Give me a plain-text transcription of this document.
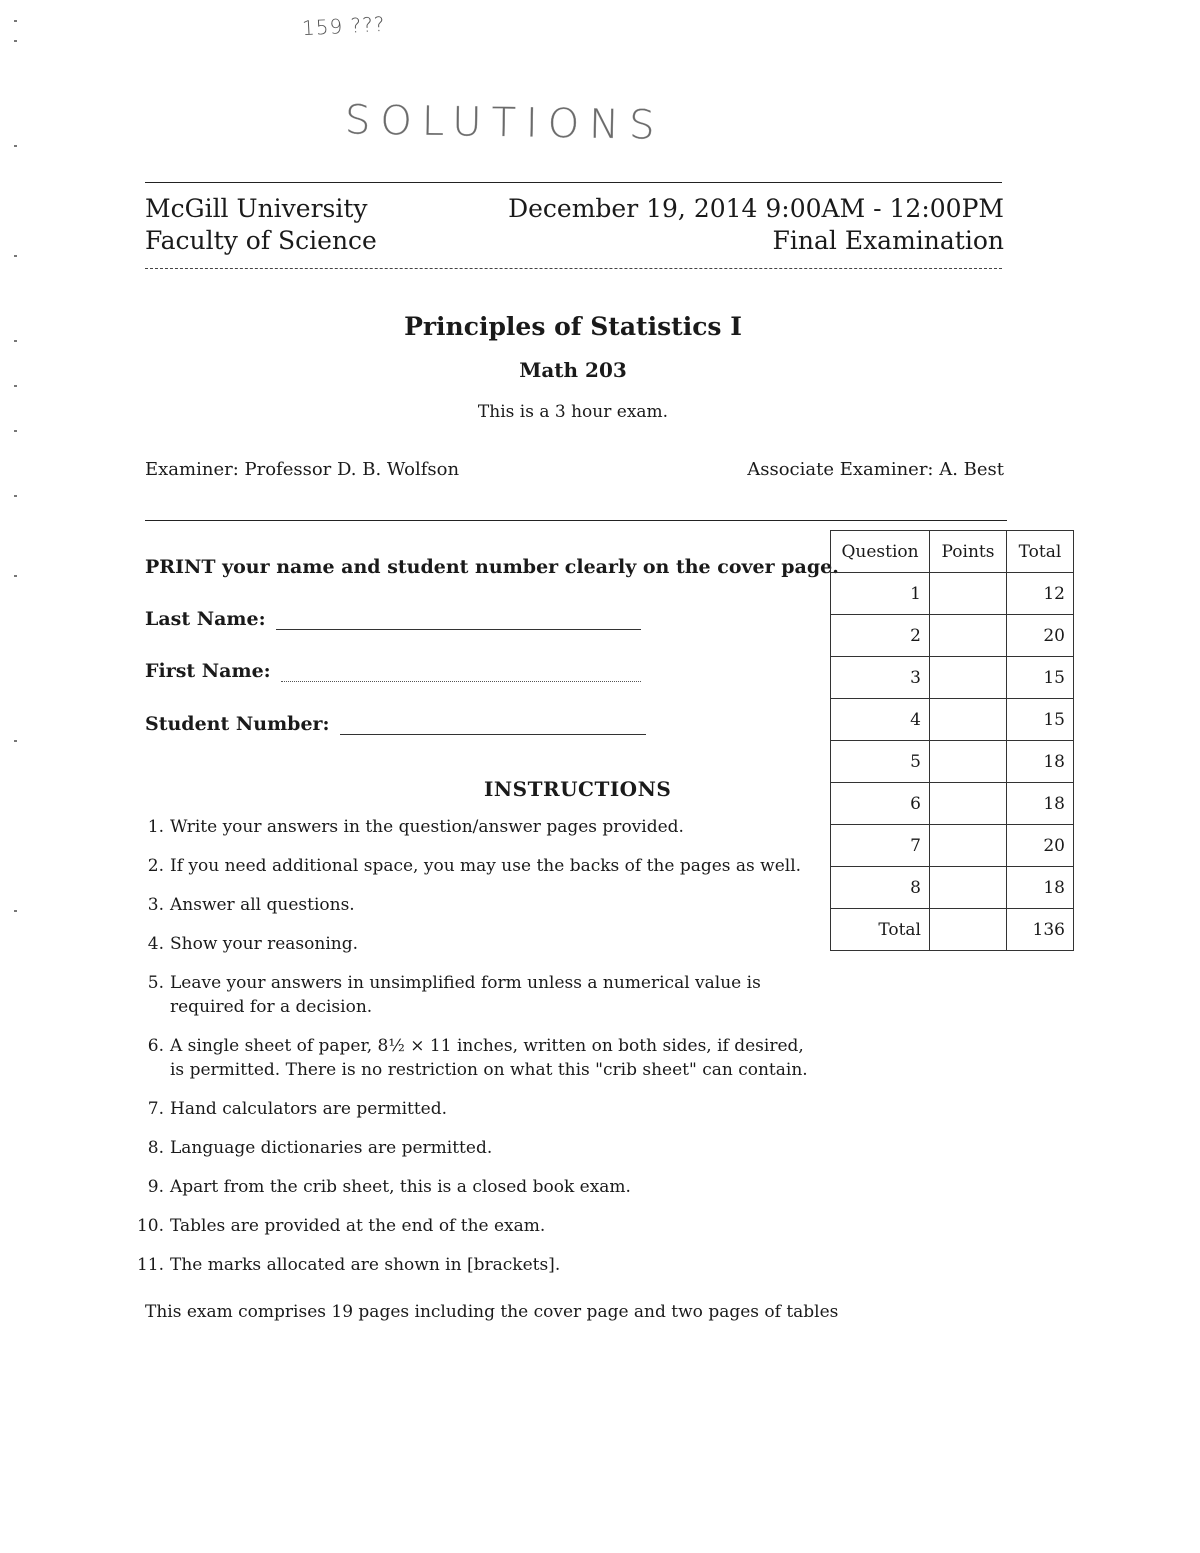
159 ???
SOLUTIONS
McGill University
Faculty of Science
December 19, 2014 9:00AM - 12:00PM
Final Examination
Principles of Statistics I
Math 203
This is a 3 hour exam.
Examiner: Professor D. B. Wolfson	Associate Examiner: A. Best
PRINT your name and student number clearly on the cover page.
Last Name:
First Name:
Student Number:
Question	Points	Total
1		12
2		20
3		15
4		15
5		18
6		18
7		20
8		18
Total		136
INSTRUCTIONS
1. Write your answers in the question/answer pages provided.
2. If you need additional space, you may use the backs of the pages as well.
3. Answer all questions.
4. Show your reasoning.
5. Leave your answers in unsimplified form unless a numerical value is required for a decision.
6. A single sheet of paper, 8½ × 11 inches, written on both sides, if desired, is permitted. There is no restriction on what this "crib sheet" can contain.
7. Hand calculators are permitted.
8. Language dictionaries are permitted.
9. Apart from the crib sheet, this is a closed book exam.
10. Tables are provided at the end of the exam.
11. The marks allocated are shown in [brackets].
This exam comprises 19 pages including the cover page and two pages of tables
